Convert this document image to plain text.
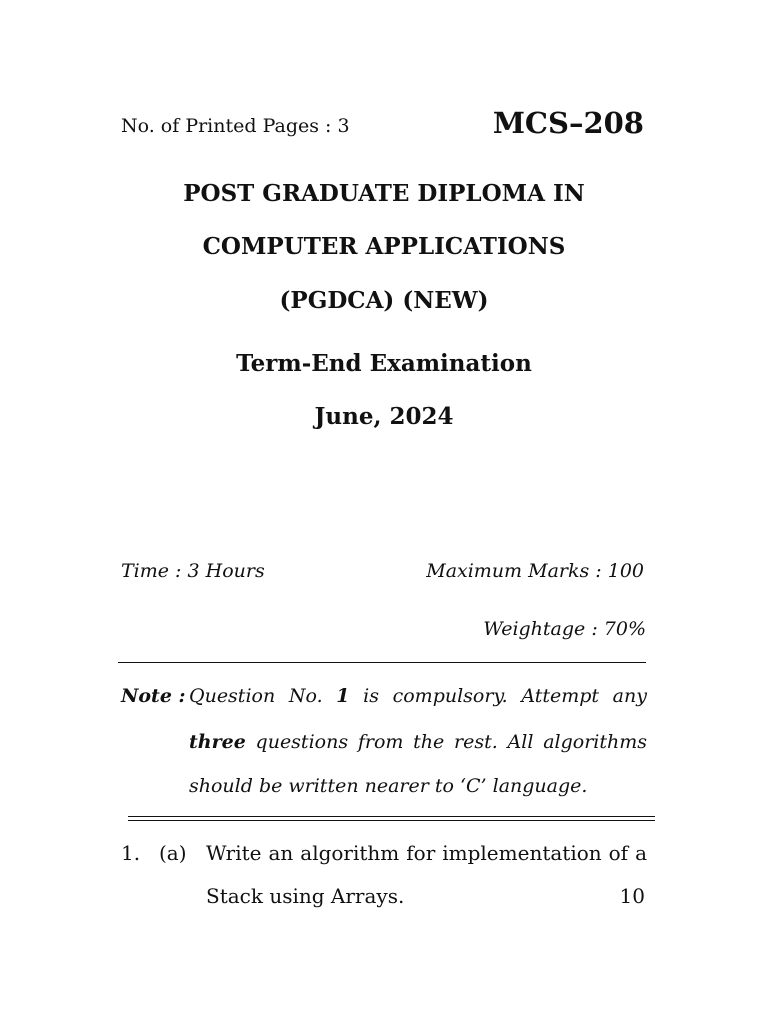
No. of Printed Pages : 3	MCS–208
POST GRADUATE DIPLOMA IN
COMPUTER APPLICATIONS
(PGDCA) (NEW)
Term-End Examination
June, 2024
Time : 3 Hours	Maximum Marks : 100
Weightage : 70%
Note : Question No. 1 is compulsory. Attempt any
three questions from the rest. All algorithms
should be written nearer to ‘C’ language.
1. (a) Write an algorithm for implementation of a
Stack using Arrays.	10
